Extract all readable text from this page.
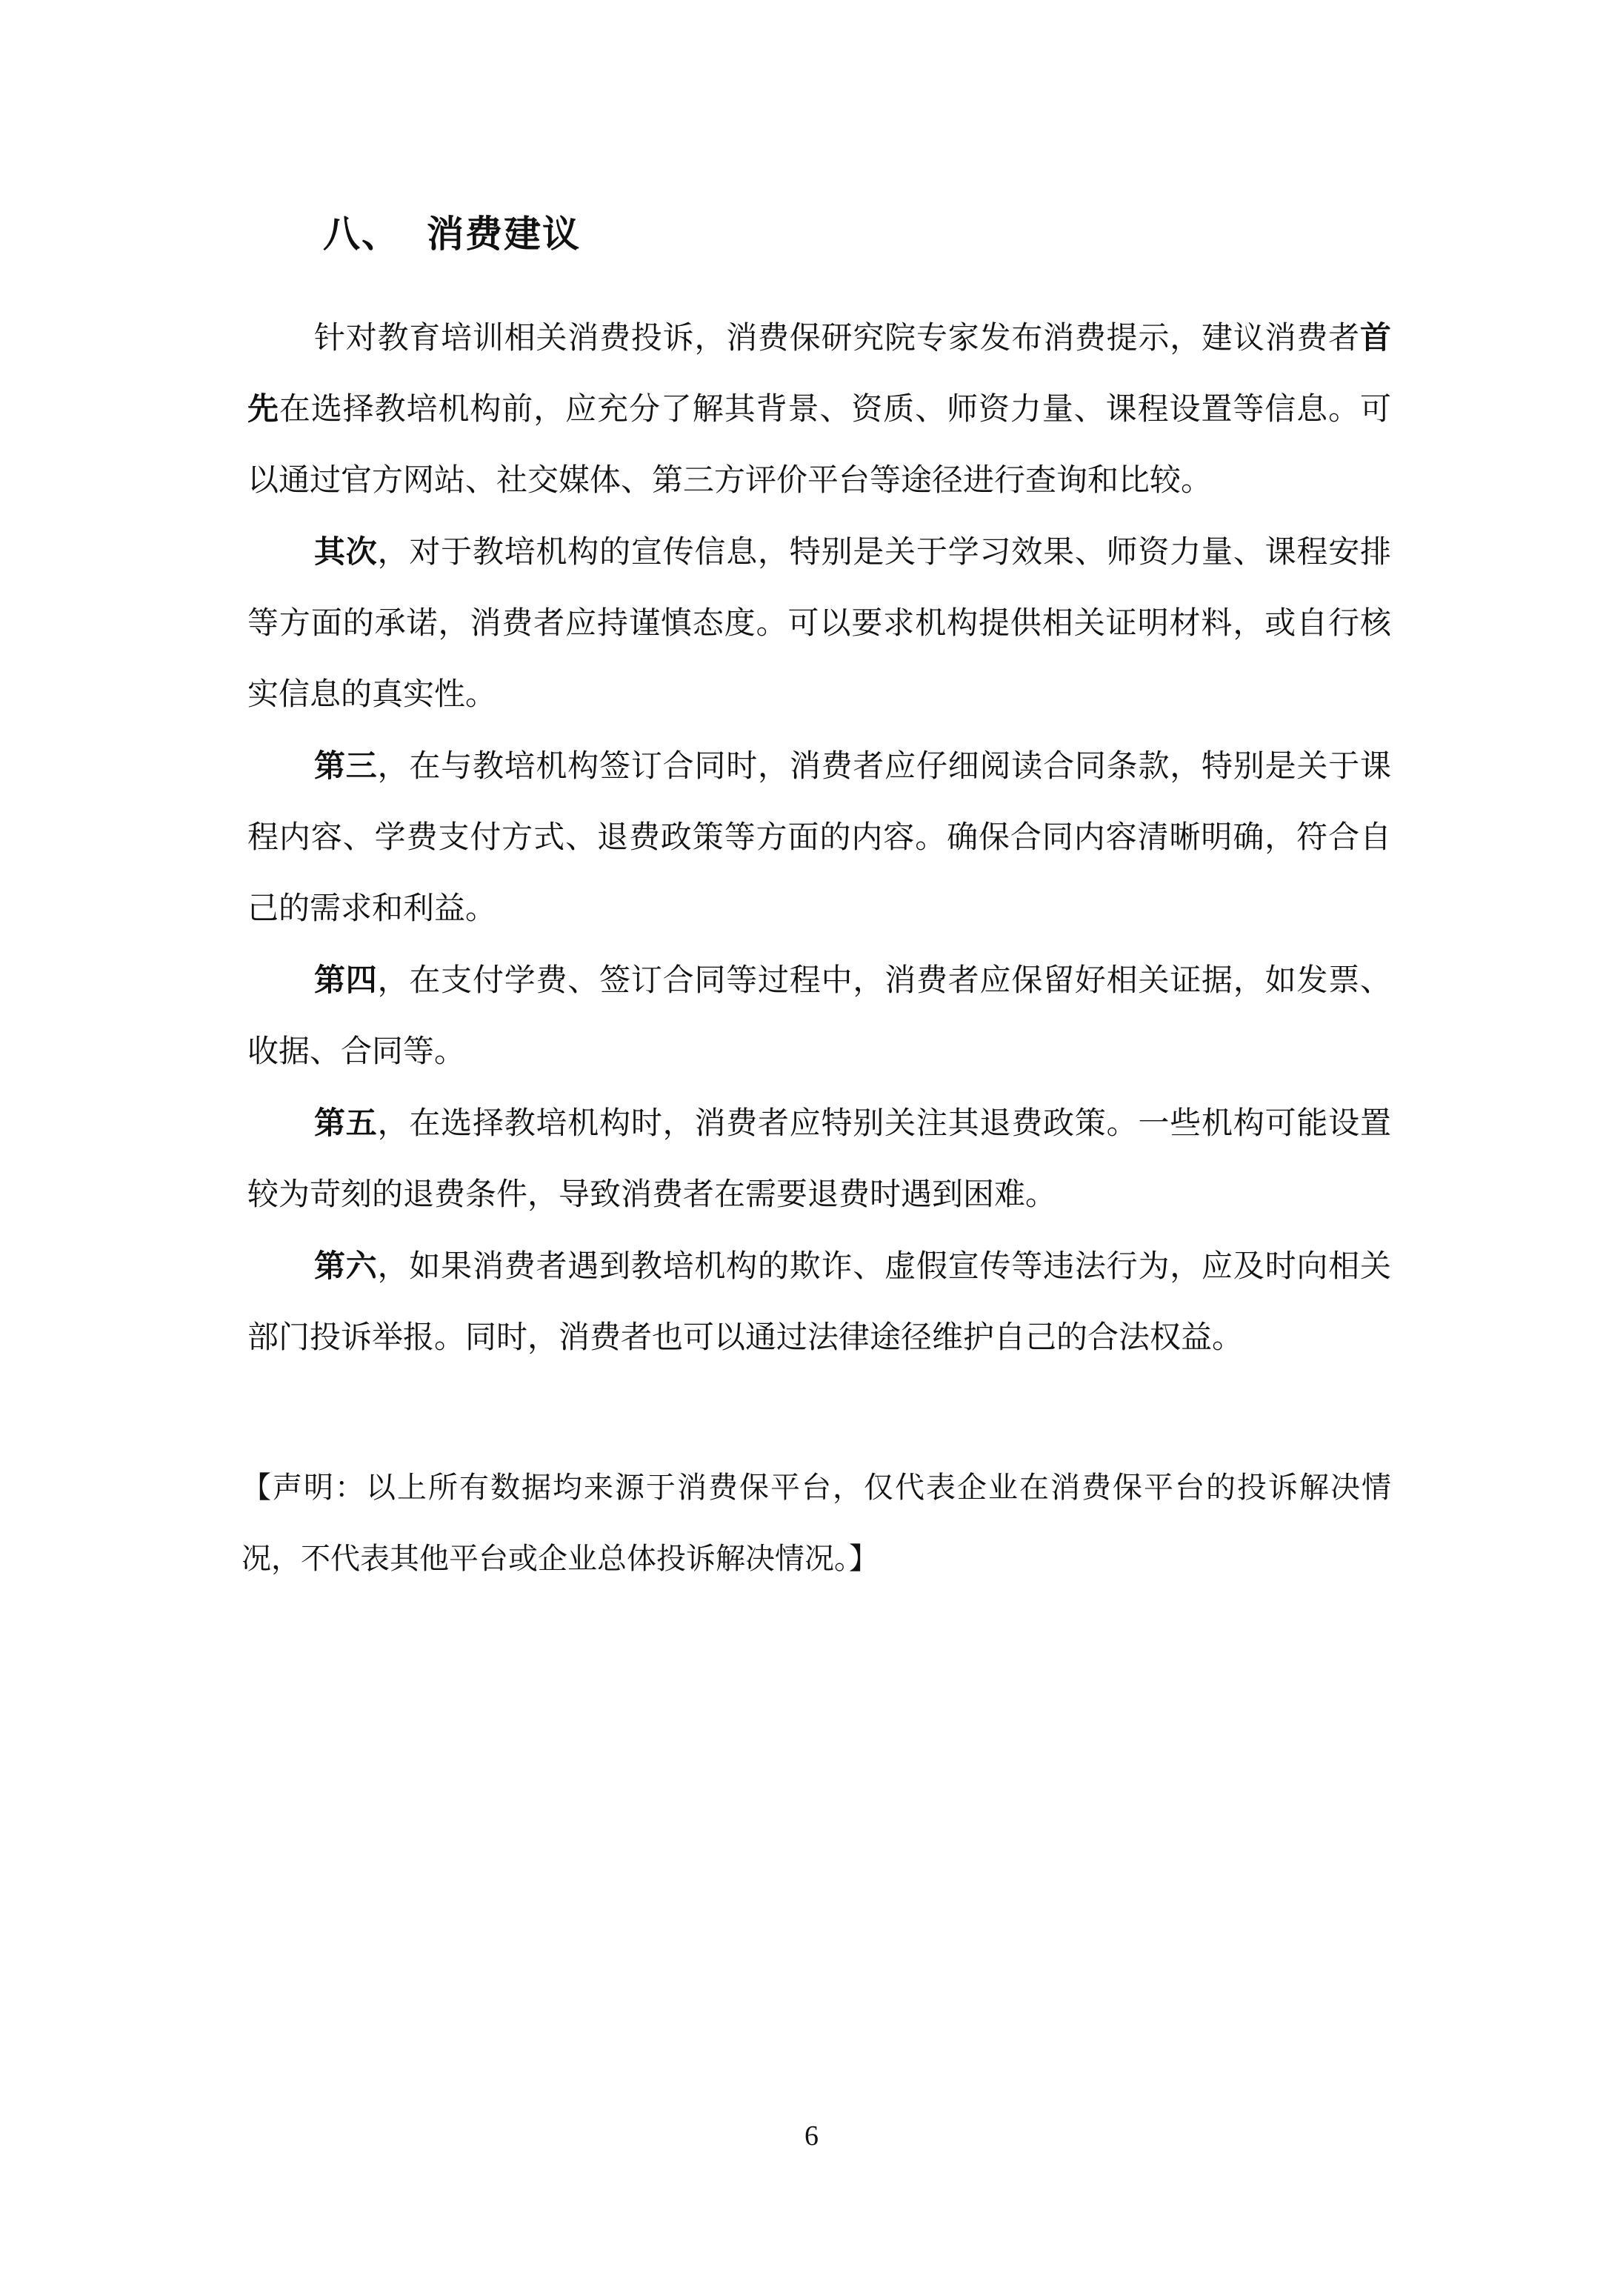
八、 消费建议

针对教育培训相关消费投诉，消费保研究院专家发布消费提示，建议消费者首先在选择教培机构前，应充分了解其背景、资质、师资力量、课程设置等信息。可以通过官方网站、社交媒体、第三方评价平台等途径进行查询和比较。

其次，对于教培机构的宣传信息，特别是关于学习效果、师资力量、课程安排等方面的承诺，消费者应持谨慎态度。可以要求机构提供相关证明材料，或自行核实信息的真实性。

第三，在与教培机构签订合同时，消费者应仔细阅读合同条款，特别是关于课程内容、学费支付方式、退费政策等方面的内容。确保合同内容清晰明确，符合自己的需求和利益。

第四，在支付学费、签订合同等过程中，消费者应保留好相关证据，如发票、收据、合同等。

第五，在选择教培机构时，消费者应特别关注其退费政策。一些机构可能设置较为苛刻的退费条件，导致消费者在需要退费时遇到困难。

第六，如果消费者遇到教培机构的欺诈、虚假宣传等违法行为，应及时向相关部门投诉举报。同时，消费者也可以通过法律途径维护自己的合法权益。

【声明：以上所有数据均来源于消费保平台，仅代表企业在消费保平台的投诉解决情况，不代表其他平台或企业总体投诉解决情况。】

6
